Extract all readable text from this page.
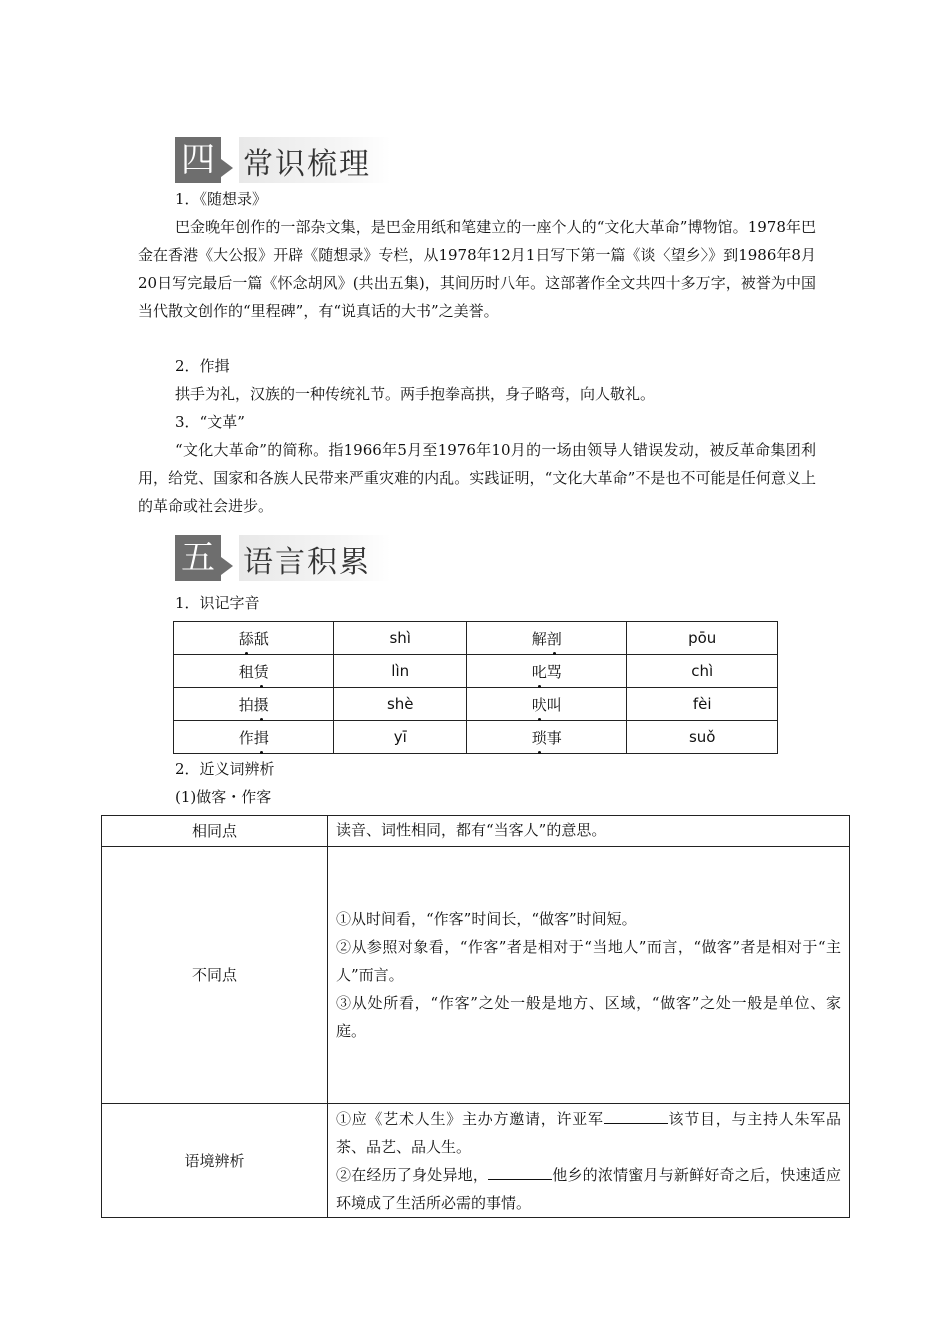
四 常识梳理
1．《随想录》

巴金晚年创作的一部杂文集，是巴金用纸和笔建立的一座个人的“文化大革命”博物馆。1978年巴金在香港《大公报》开辟《随想录》专栏，从1978年12月1日写下第一篇《谈〈望乡〉》到1986年8月20日写完最后一篇《怀念胡风》(共出五集)，其间历时八年。这部著作全文共四十多万字，被誉为中国当代散文创作的“里程碑”，有“说真话的大书”之美誉。

2．作揖

拱手为礼，汉族的一种传统礼节。两手抱拳高拱，身子略弯，向人敬礼。

3．“文革”

“文化大革命”的简称。指1966年5月至1976年10月的一场由领导人错误发动，被反革命集团利用，给党、国家和各族人民带来严重灾难的内乱。实践证明，“文化大革命”不是也不可能是任何意义上的革命或社会进步。

五 语言积累
1．识记字音
舔舐	shì	解剖	pōu
租赁	lìn	叱骂	chì
拍摄	shè	吠叫	fèi
作揖	yī	琐事	suǒ
2．近义词辨析
(1)做客・作客
相同点	读音、词性相同，都有“当客人”的意思。
不同点	①从时间看，“作客”时间长，“做客”时间短。
②从参照对象看，“作客”者是相对于“当地人”而言，“做客”者是相对于“主人”而言。
③从处所看，“作客”之处一般是地方、区域，“做客”之处一般是单位、家庭。

语境辨析	①应《艺术人生》主办方邀请，许亚军 该节目，与主持人朱军品茶、品艺、品人生。
②在经历了身处异地， 他乡的浓情蜜月与新鲜好奇之后，快速适应环境成了生活所必需的事情。
